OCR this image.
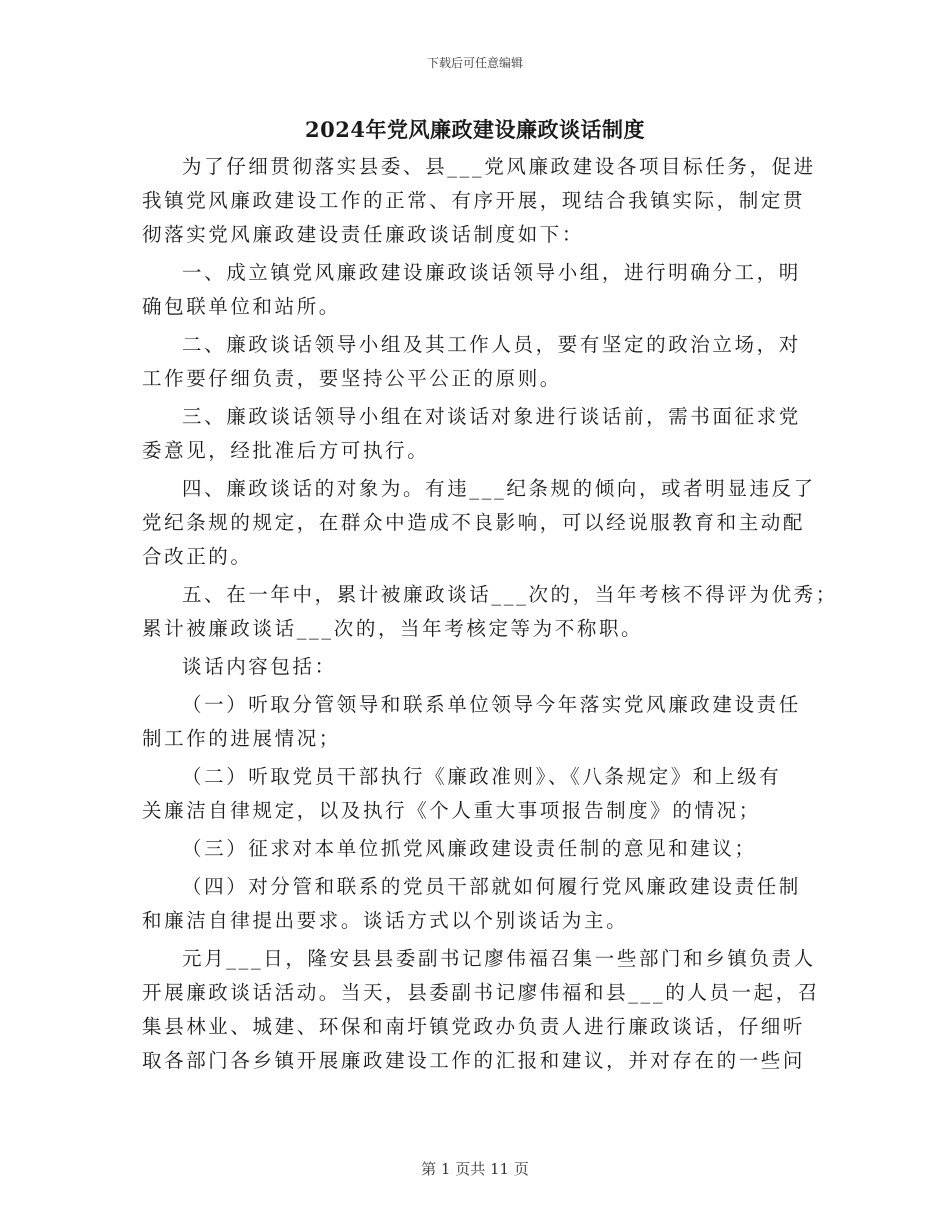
下载后可任意编辑
2024年党风廉政建设廉政谈话制度
为了仔细贯彻落实县委、县___党风廉政建设各项目标任务，促进
我镇党风廉政建设工作的正常、有序开展，现结合我镇实际，制定贯
彻落实党风廉政建设责任廉政谈话制度如下：
一、成立镇党风廉政建设廉政谈话领导小组，进行明确分工，明
确包联单位和站所。
二、廉政谈话领导小组及其工作人员，要有坚定的政治立场，对
工作要仔细负责，要坚持公平公正的原则。
三、廉政谈话领导小组在对谈话对象进行谈话前，需书面征求党
委意见，经批准后方可执行。
四、廉政谈话的对象为。有违___纪条规的倾向，或者明显违反了
党纪条规的规定，在群众中造成不良影响，可以经说服教育和主动配
合改正的。
五、在一年中，累计被廉政谈话___次的，当年考核不得评为优秀；
累计被廉政谈话___次的，当年考核定等为不称职。
谈话内容包括：
（一）听取分管领导和联系单位领导今年落实党风廉政建设责任
制工作的进展情况；
（二）听取党员干部执行《廉政准则》、《八条规定》和上级有
关廉洁自律规定，以及执行《个人重大事项报告制度》的情况；
（三）征求对本单位抓党风廉政建设责任制的意见和建议；
（四）对分管和联系的党员干部就如何履行党风廉政建设责任制
和廉洁自律提出要求。谈话方式以个别谈话为主。
元月___日，隆安县县委副书记廖伟福召集一些部门和乡镇负责人
开展廉政谈话活动。当天，县委副书记廖伟福和县___的人员一起，召
集县林业、城建、环保和南圩镇党政办负责人进行廉政谈话，仔细听
取各部门各乡镇开展廉政建设工作的汇报和建议，并对存在的一些问
第 1 页共 11 页
